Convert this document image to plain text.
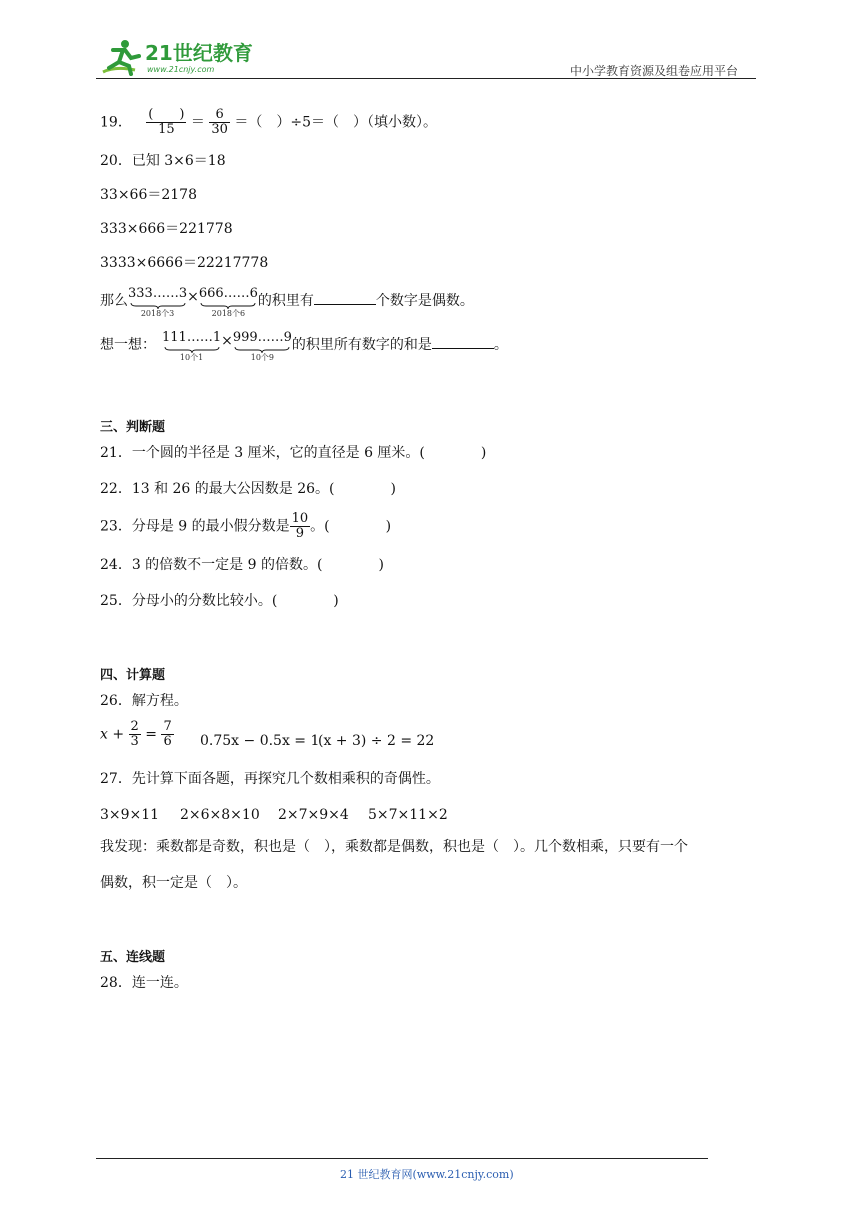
21世纪教育
www.21cnjy.com	中小学教育资源及组卷应用平台
19． $\frac{( )}{15} = \frac{6}{30}$ ＝（　）÷5＝（　）（填小数）。
20．已知 3×6＝18
33×66＝2178
333×666＝221778
3333×6666＝22217778
那么 333……3
2018个3
× 666……6
2018个6
的积里有	个数字是偶数。
想一想： 111……1
10个1
× 999……9
10个9
的积里所有数字的和是	。
三、判断题
21．一个圆的半径是 3 厘米，它的直径是 6 厘米。(　　　　)
22．13 和 26 的最大公因数是 26。(　　　　)
23．分母是 9 的最小假分数是 $\frac{10}{9}$ 。(　　　　)
24．3 的倍数不一定是 9 的倍数。(　　　　)
25．分母小的分数比较小。(　　　　)
四、计算题
26．解方程。
$x + \frac{2}{3} = \frac{7}{6} 0.75x - 0.5x = 1$
(x + 3) ÷ 2 = 22
27．先计算下面各题，再探究几个数相乘积的奇偶性。
3×9×11 2×6×8×10 2×7×9×4 5×7×11×2
我发现：乘数都是奇数，积也是（　），乘数都是偶数，积也是（　）。几个数相乘，只要有一个
偶数，积一定是（　）。
五、连线题
28．连一连。
21 世纪教育网(www.21cnjy.com)
